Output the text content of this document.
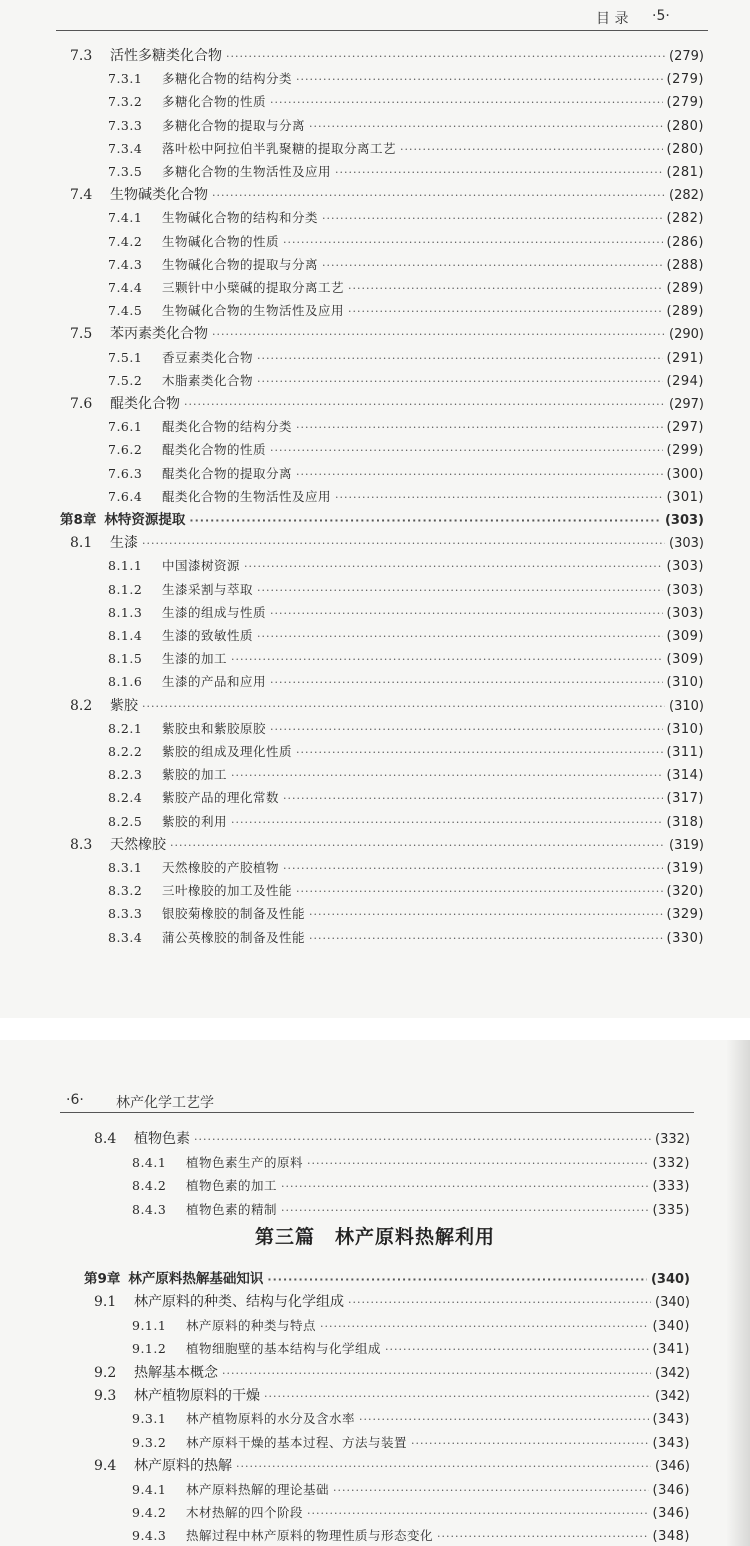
目 录 ·5·
7.3	活性多糖类化合物 ·····	(279)
7.3.1	多糖化合物的结构分类 ·····	(279)
7.3.2	多糖化合物的性质 ·····	(279)
7.3.3	多糖化合物的提取与分离 ·····	(280)
7.3.4	落叶松中阿拉伯半乳聚糖的提取分离工艺 ·····	(280)
7.3.5	多糖化合物的生物活性及应用 ·····	(281)
7.4	生物碱类化合物 ·····	(282)
7.4.1	生物碱化合物的结构和分类 ·····	(282)
7.4.2	生物碱化合物的性质 ·····	(286)
7.4.3	生物碱化合物的提取与分离 ·····	(288)
7.4.4	三颗针中小檗碱的提取分离工艺 ·····	(289)
7.4.5	生物碱化合物的生物活性及应用 ·····	(289)
7.5	苯丙素类化合物 ·····	(290)
7.5.1	香豆素类化合物 ·····	(291)
7.5.2	木脂素类化合物 ·····	(294)
7.6	醌类化合物 ·····	(297)
7.6.1	醌类化合物的结构分类 ·····	(297)
7.6.2	醌类化合物的性质 ·····	(299)
7.6.3	醌类化合物的提取分离 ·····	(300)
7.6.4	醌类化合物的生物活性及应用 ·····	(301)
第8章 林特资源提取 ·····	(303)
8.1	生漆 ·····	(303)
8.1.1	中国漆树资源 ·····	(303)
8.1.2	生漆采割与萃取 ·····	(303)
8.1.3	生漆的组成与性质 ·····	(303)
8.1.4	生漆的致敏性质 ·····	(309)
8.1.5	生漆的加工 ·····	(309)
8.1.6	生漆的产品和应用 ·····	(310)
8.2	紫胶 ·····	(310)
8.2.1	紫胶虫和紫胶原胶 ·····	(310)
8.2.2	紫胶的组成及理化性质 ·····	(311)
8.2.3	紫胶的加工 ·····	(314)
8.2.4	紫胶产品的理化常数 ·····	(317)
8.2.5	紫胶的利用 ·····	(318)
8.3	天然橡胶 ·····	(319)
8.3.1	天然橡胶的产胶植物 ·····	(319)
8.3.2	三叶橡胶的加工及性能 ·····	(320)
8.3.3	银胶菊橡胶的制备及性能 ·····	(329)
8.3.4	蒲公英橡胶的制备及性能 ·····	(330)
·6· 林产化学工艺学
8.4	植物色素 ·····	(332)
8.4.1	植物色素生产的原料 ·····	(332)
8.4.2	植物色素的加工 ·····	(333)
8.4.3	植物色素的精制 ·····	(335)
第三篇　林产原料热解利用
第9章 林产原料热解基础知识 ·····	(340)
9.1	林产原料的种类、结构与化学组成 ·····	(340)
9.1.1	林产原料的种类与特点 ·····	(340)
9.1.2	植物细胞壁的基本结构与化学组成 ·····	(341)
9.2	热解基本概念 ·····	(342)
9.3	林产植物原料的干燥 ·····	(342)
9.3.1	林产植物原料的水分及含水率 ·····	(343)
9.3.2	林产原料干燥的基本过程、方法与装置 ·····	(343)
9.4	林产原料的热解 ·····	(346)
9.4.1	林产原料热解的理论基础 ·····	(346)
9.4.2	木材热解的四个阶段 ·····	(346)
9.4.3	热解过程中林产原料的物理性质与形态变化 ·····	(348)
